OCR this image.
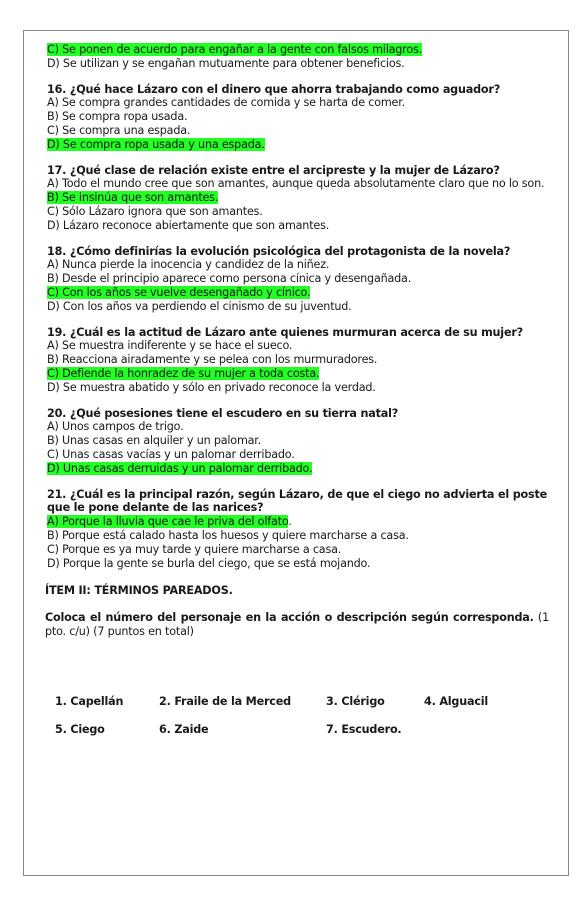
C) Se ponen de acuerdo para engañar a la gente con falsos milagros.
D) Se utilizan y se engañan mutuamente para obtener beneficios.
16. ¿Qué hace Lázaro con el dinero que ahorra trabajando como aguador?
A) Se compra grandes cantidades de comida y se harta de comer.
B) Se compra ropa usada.
C) Se compra una espada.
D) Se compra ropa usada y una espada.
17. ¿Qué clase de relación existe entre el arcipreste y la mujer de Lázaro?
A) Todo el mundo cree que son amantes, aunque queda absolutamente claro que no lo son.
B) Se insinúa que son amantes.
C) Sólo Lázaro ignora que son amantes.
D) Lázaro reconoce abiertamente que son amantes.
18. ¿Cómo definirías la evolución psicológica del protagonista de la novela?
A) Nunca pierde la inocencia y candidez de la niñez.
B) Desde el principio aparece como persona cínica y desengañada.
C) Con los años se vuelve desengañado y cínico.
D) Con los años va perdiendo el cinismo de su juventud.
19. ¿Cuál es la actitud de Lázaro ante quienes murmuran acerca de su mujer?
A) Se muestra indiferente y se hace el sueco.
B) Reacciona airadamente y se pelea con los murmuradores.
C) Defiende la honradez de su mujer a toda costa.
D) Se muestra abatido y sólo en privado reconoce la verdad.
20. ¿Qué posesiones tiene el escudero en su tierra natal?
A) Unos campos de trigo.
B) Unas casas en alquiler y un palomar.
C) Unas casas vacías y un palomar derribado.
D) Unas casas derruidas y un palomar derribado.
21. ¿Cuál es la principal razón, según Lázaro, de que el ciego no advierta el poste que le pone delante de las narices?
A) Porque la lluvia que cae le priva del olfato.
B) Porque está calado hasta los huesos y quiere marcharse a casa.
C) Porque es ya muy tarde y quiere marcharse a casa.
D) Porque la gente se burla del ciego, que se está mojando.
ÍTEM II: TÉRMINOS PAREADOS.
Coloca el número del personaje en la acción o descripción según corresponda. (1 pto. c/u) (7 puntos en total)
1. Capellán	2. Fraile de la Merced	3. Clérigo	4. Alguacil
5. Ciego	6. Zaide	7. Escudero.
